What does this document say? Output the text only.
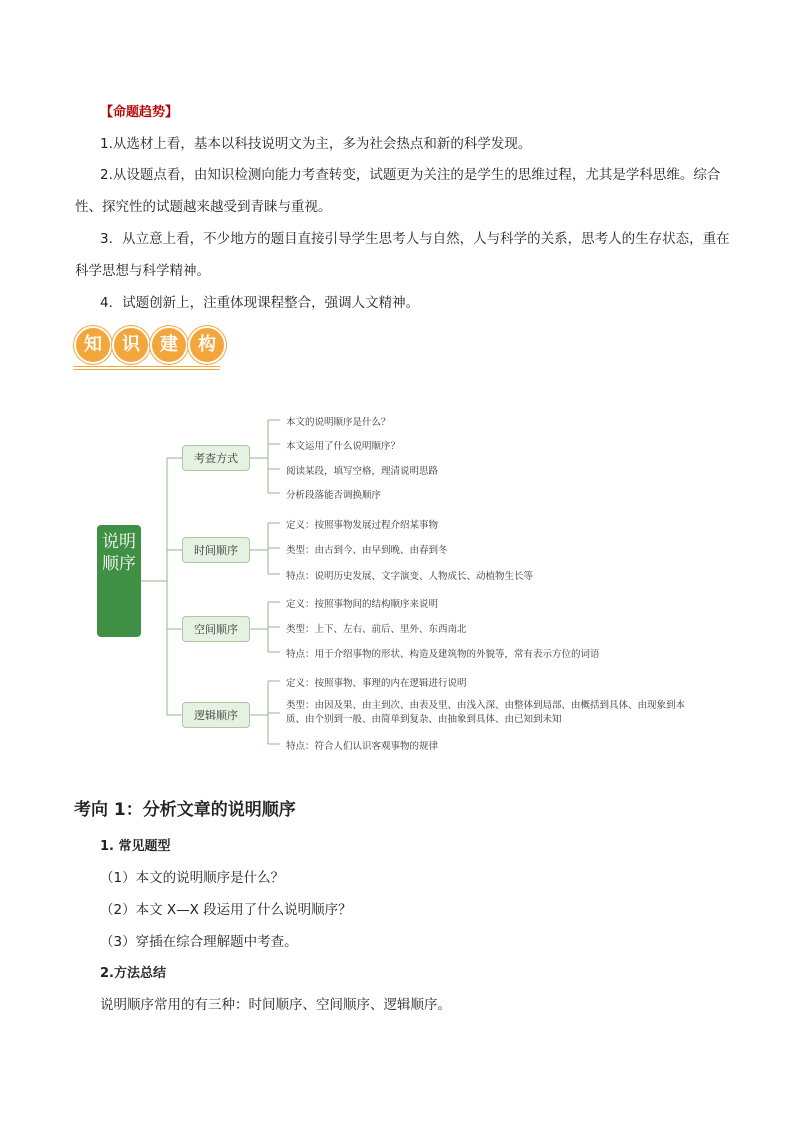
【命题趋势】
1.从选材上看，基本以科技说明文为主，多为社会热点和新的科学发现。
2.从设题点看，由知识检测向能力考查转变，试题更为关注的是学生的思维过程，尤其是学科思维。综合性、探究性的试题越来越受到青睐与重视。
3．从立意上看，不少地方的题目直接引导学生思考人与自然，人与科学的关系，思考人的生存状态，重在科学思想与科学精神。
4．试题创新上，注重体现课程整合，强调人文精神。
知	识	建	构
说明顺序
考查方式
时间顺序
空间顺序
逻辑顺序
本文的说明顺序是什么？
本文运用了什么说明顺序？
阅读某段，填写空格，理清说明思路
分析段落能否调换顺序
定义：按照事物发展过程介绍某事物
类型：由古到今、由早到晚、由春到冬
特点：说明历史发展、文字演变、人物成长、动植物生长等
定义：按照事物间的结构顺序来说明
类型：上下、左右、前后、里外、东西南北
特点：用于介绍事物的形状、构造及建筑物的外貌等，常有表示方位的词语
定义：按照事物、事理的内在逻辑进行说明
类型：由因及果、由主到次、由表及里、由浅入深、由整体到局部、由概括到具体、由现象到本质、由个别到一般、由简单到复杂、由抽象到具体、由已知到未知
特点：符合人们认识客观事物的规律
考向 1：分析文章的说明顺序
1. 常见题型
（1）本文的说明顺序是什么？
（2）本文 X—X 段运用了什么说明顺序？
（3）穿插在综合理解题中考查。
2.方法总结
说明顺序常用的有三种：时间顺序、空间顺序、逻辑顺序。
